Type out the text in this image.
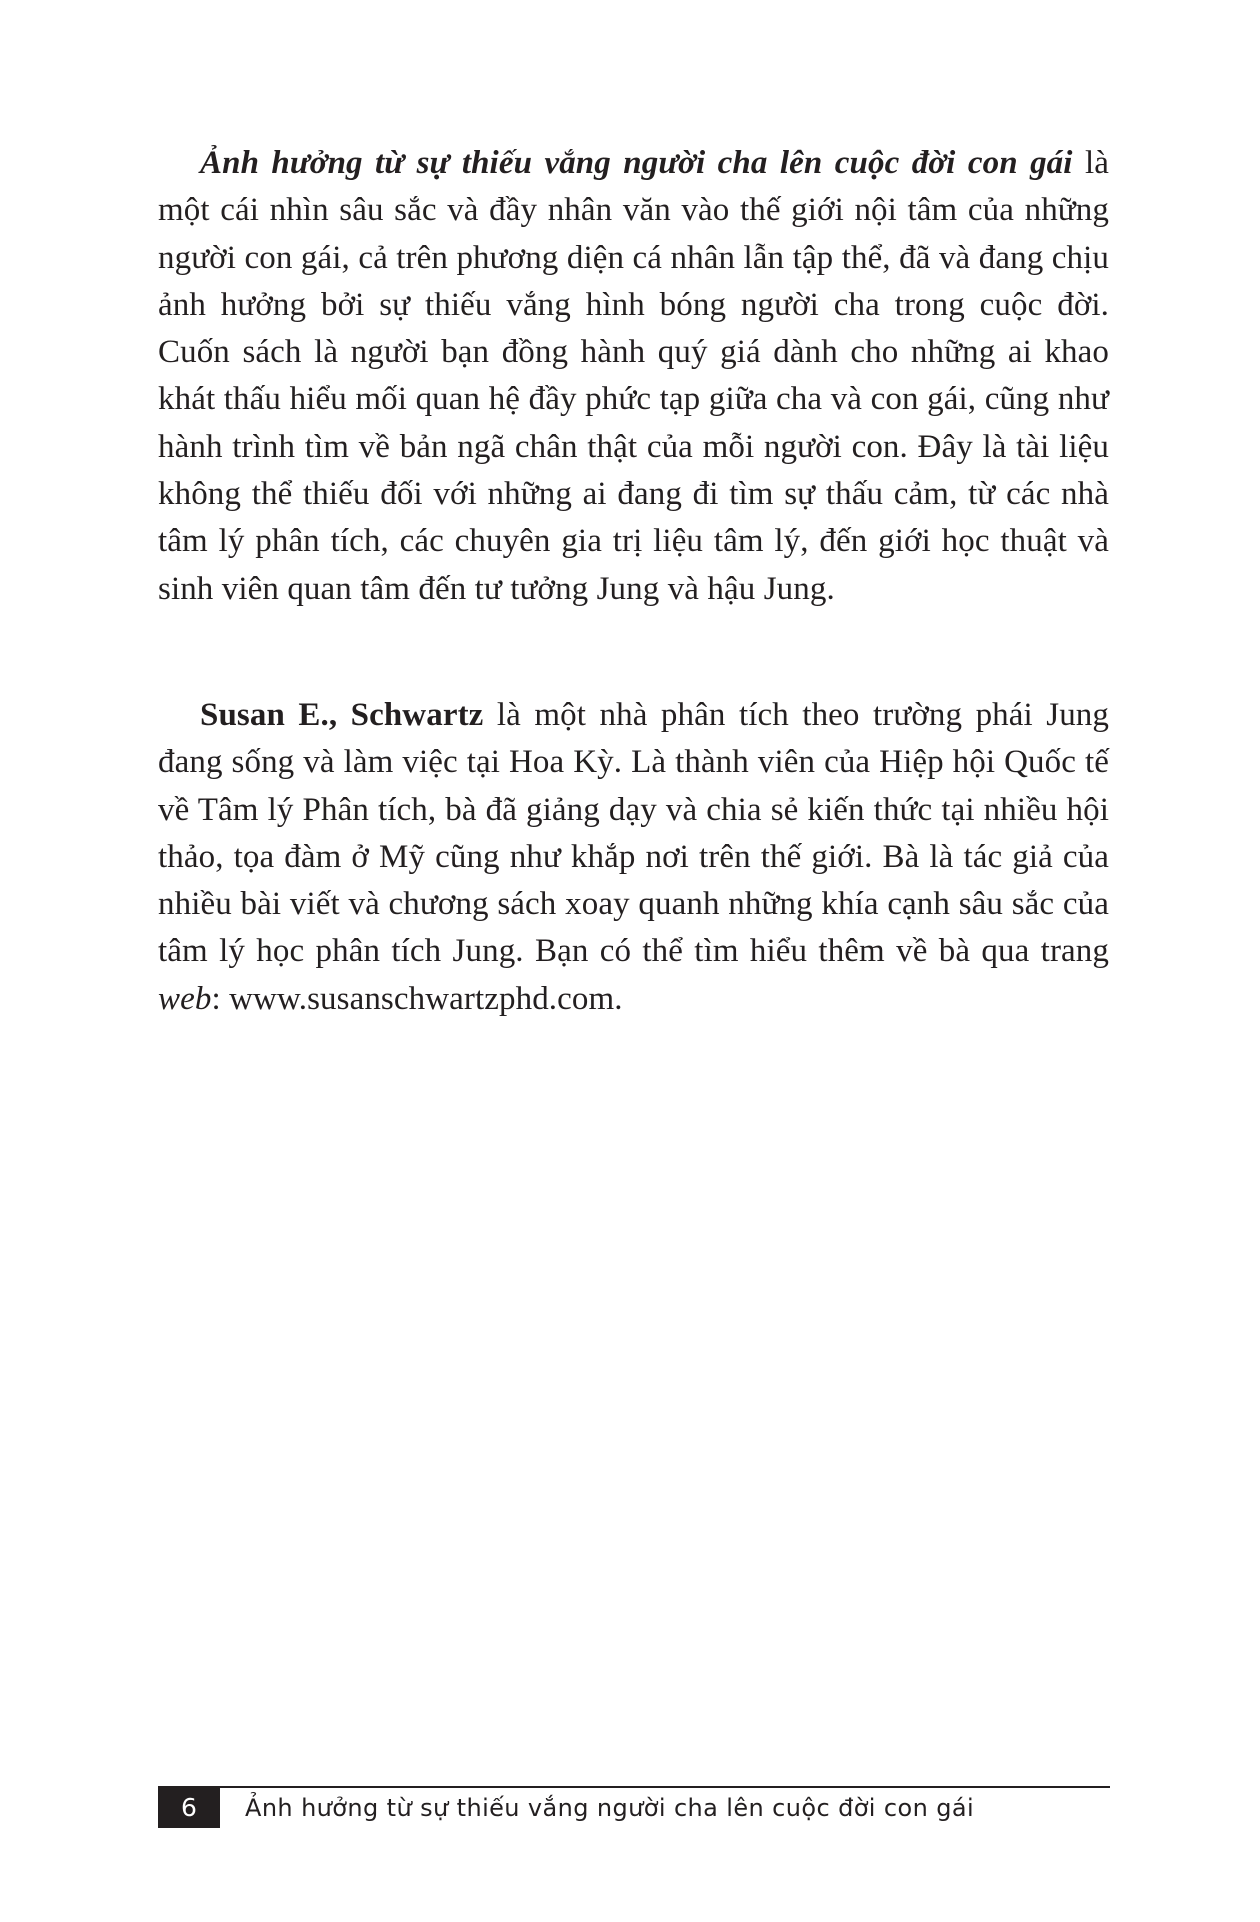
Ảnh hưởng từ sự thiếu vắng người cha lên cuộc đời con gái là một cái nhìn sâu sắc và đầy nhân văn vào thế giới nội tâm của những người con gái, cả trên phương diện cá nhân lẫn tập thể, đã và đang chịu ảnh hưởng bởi sự thiếu vắng hình bóng người cha trong cuộc đời. Cuốn sách là người bạn đồng hành quý giá dành cho những ai khao khát thấu hiểu mối quan hệ đầy phức tạp giữa cha và con gái, cũng như hành trình tìm về bản ngã chân thật của mỗi người con. Đây là tài liệu không thể thiếu đối với những ai đang đi tìm sự thấu cảm, từ các nhà tâm lý phân tích, các chuyên gia trị liệu tâm lý, đến giới học thuật và sinh viên quan tâm đến tư tưởng Jung và hậu Jung.

Susan E., Schwartz là một nhà phân tích theo trường phái Jung đang sống và làm việc tại Hoa Kỳ. Là thành viên của Hiệp hội Quốc tế về Tâm lý Phân tích, bà đã giảng dạy và chia sẻ kiến thức tại nhiều hội thảo, tọa đàm ở Mỹ cũng như khắp nơi trên thế giới. Bà là tác giả của nhiều bài viết và chương sách xoay quanh những khía cạnh sâu sắc của tâm lý học phân tích Jung. Bạn có thể tìm hiểu thêm về bà qua trang web: www.susanschwartzphd.com.

6	Ảnh hưởng từ sự thiếu vắng người cha lên cuộc đời con gái
